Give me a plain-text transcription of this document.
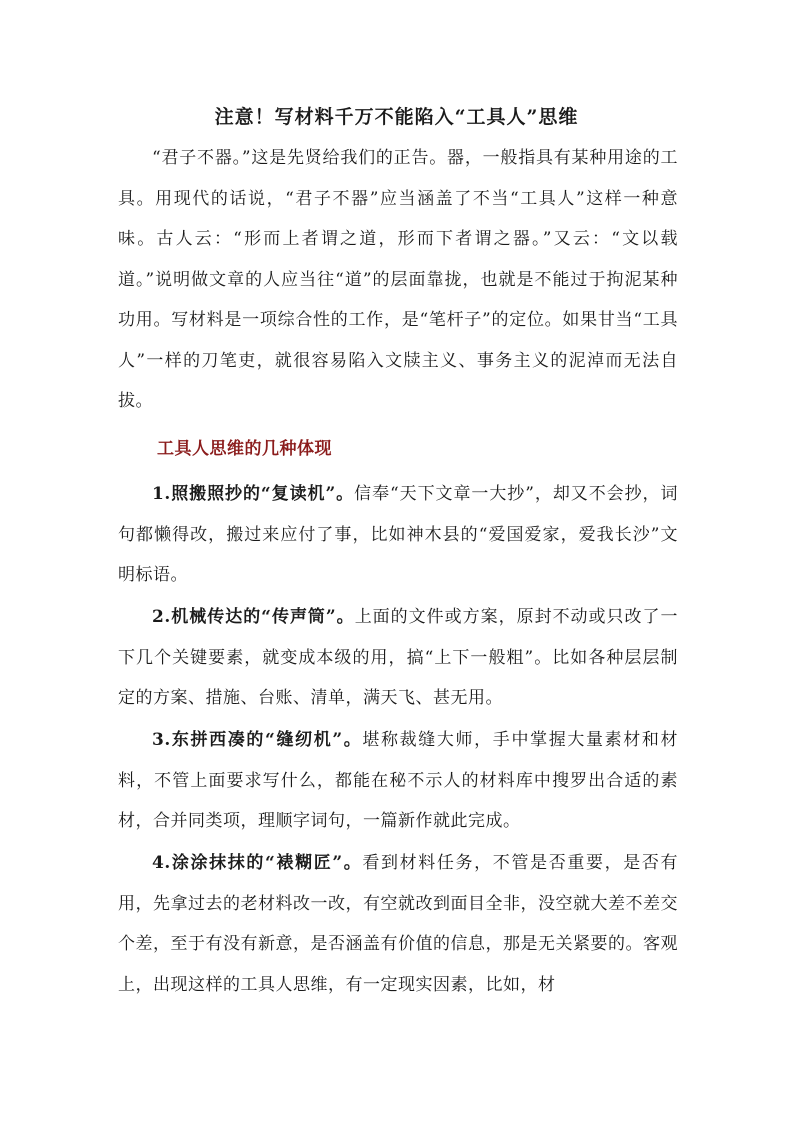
注意！写材料千万不能陷入“工具人”思维

“君子不器。”这是先贤给我们的正告。器，一般指具有某种用途的工具。用现代的话说，“君子不器”应当涵盖了不当“工具人”这样一种意味。古人云：“形而上者谓之道，形而下者谓之器。”又云：“文以载道。”说明做文章的人应当往“道”的层面靠拢，也就是不能过于拘泥某种功用。写材料是一项综合性的工作，是“笔杆子”的定位。如果甘当“工具人”一样的刀笔吏，就很容易陷入文牍主义、事务主义的泥淖而无法自拔。

工具人思维的几种体现

1.照搬照抄的“复读机”。信奉“天下文章一大抄”，却又不会抄，词句都懒得改，搬过来应付了事，比如神木县的“爱国爱家，爱我长沙”文明标语。

2.机械传达的“传声筒”。上面的文件或方案，原封不动或只改了一下几个关键要素，就变成本级的用，搞“上下一般粗”。比如各种层层制定的方案、措施、台账、清单，满天飞、甚无用。

3.东拼西凑的“缝纫机”。堪称裁缝大师，手中掌握大量素材和材料，不管上面要求写什么，都能在秘不示人的材料库中搜罗出合适的素材，合并同类项，理顺字词句，一篇新作就此完成。

4.涂涂抹抹的“裱糊匠”。看到材料任务，不管是否重要，是否有用，先拿过去的老材料改一改，有空就改到面目全非，没空就大差不差交个差，至于有没有新意，是否涵盖有价值的信息，那是无关紧要的。客观上，出现这样的工具人思维，有一定现实因素，比如，材
